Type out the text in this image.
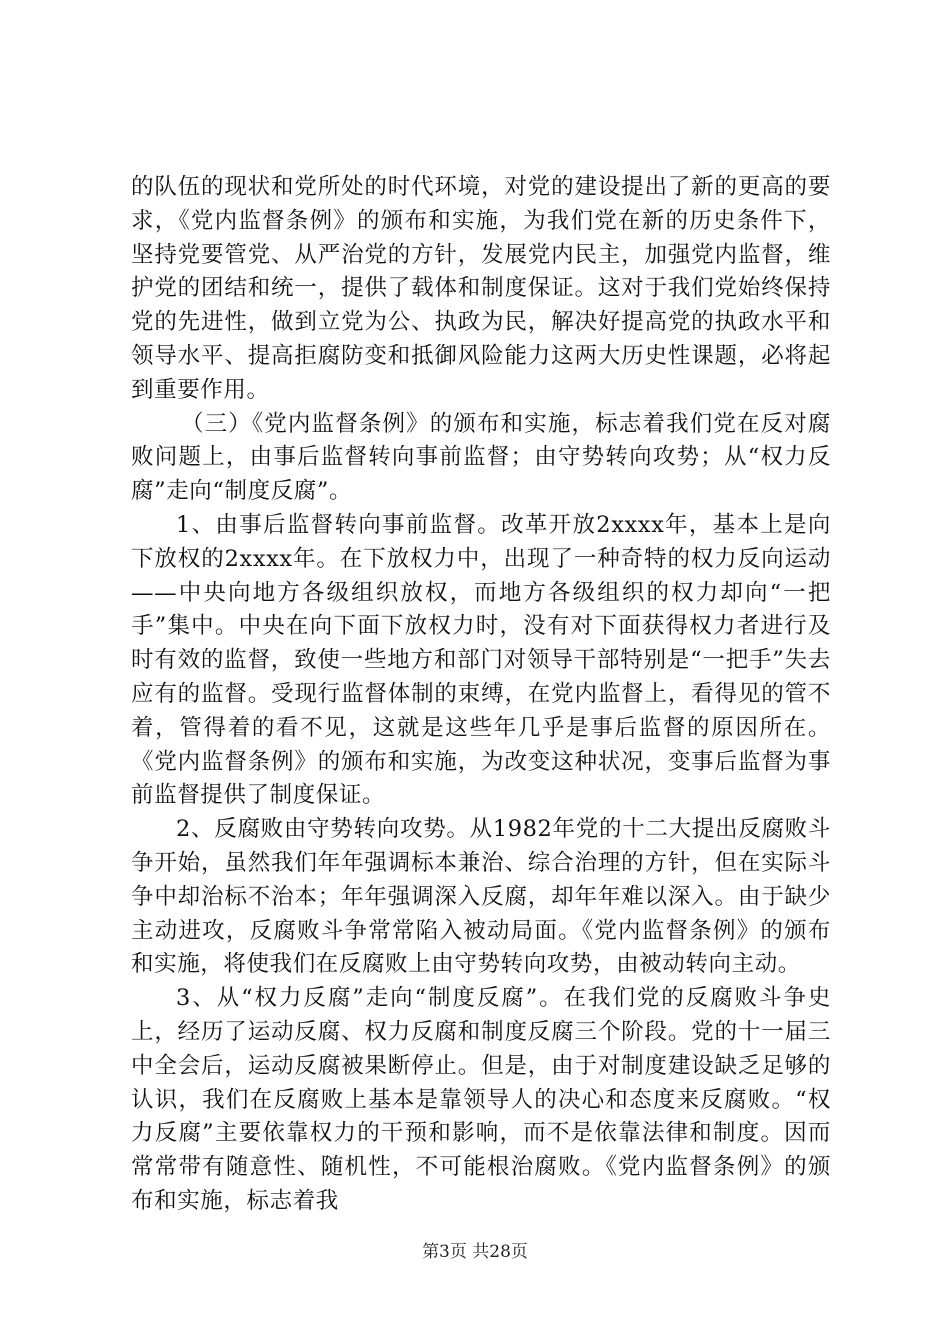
的队伍的现状和党所处的时代环境，对党的建设提出了新的更高的要求，《党内监督条例》的颁布和实施，为我们党在新的历史条件下，坚持党要管党、从严治党的方针，发展党内民主，加强党内监督，维护党的团结和统一，提供了载体和制度保证。这对于我们党始终保持党的先进性，做到立党为公、执政为民，解决好提高党的执政水平和领导水平、提高拒腐防变和抵御风险能力这两大历史性课题，必将起到重要作用。

（三）《党内监督条例》的颁布和实施，标志着我们党在反对腐败问题上，由事后监督转向事前监督；由守势转向攻势；从“权力反腐”走向“制度反腐”。

1、由事后监督转向事前监督。改革开放2xxxx年，基本上是向下放权的2xxxx年。在下放权力中，出现了一种奇特的权力反向运动——中央向地方各级组织放权，而地方各级组织的权力却向“一把手”集中。中央在向下面下放权力时，没有对下面获得权力者进行及时有效的监督，致使一些地方和部门对领导干部特别是“一把手”失去应有的监督。受现行监督体制的束缚，在党内监督上，看得见的管不着，管得着的看不见，这就是这些年几乎是事后监督的原因所在。《党内监督条例》的颁布和实施，为改变这种状况，变事后监督为事前监督提供了制度保证。

2、反腐败由守势转向攻势。从1982年党的十二大提出反腐败斗争开始，虽然我们年年强调标本兼治、综合治理的方针，但在实际斗争中却治标不治本；年年强调深入反腐，却年年难以深入。由于缺少主动进攻，反腐败斗争常常陷入被动局面。《党内监督条例》的颁布和实施，将使我们在反腐败上由守势转向攻势，由被动转向主动。

3、从“权力反腐”走向“制度反腐”。在我们党的反腐败斗争史上，经历了运动反腐、权力反腐和制度反腐三个阶段。党的十一届三中全会后，运动反腐被果断停止。但是，由于对制度建设缺乏足够的认识，我们在反腐败上基本是靠领导人的决心和态度来反腐败。“权力反腐”主要依靠权力的干预和影响，而不是依靠法律和制度。因而常常带有随意性、随机性，不可能根治腐败。《党内监督条例》的颁布和实施，标志着我

第3页 共28页
